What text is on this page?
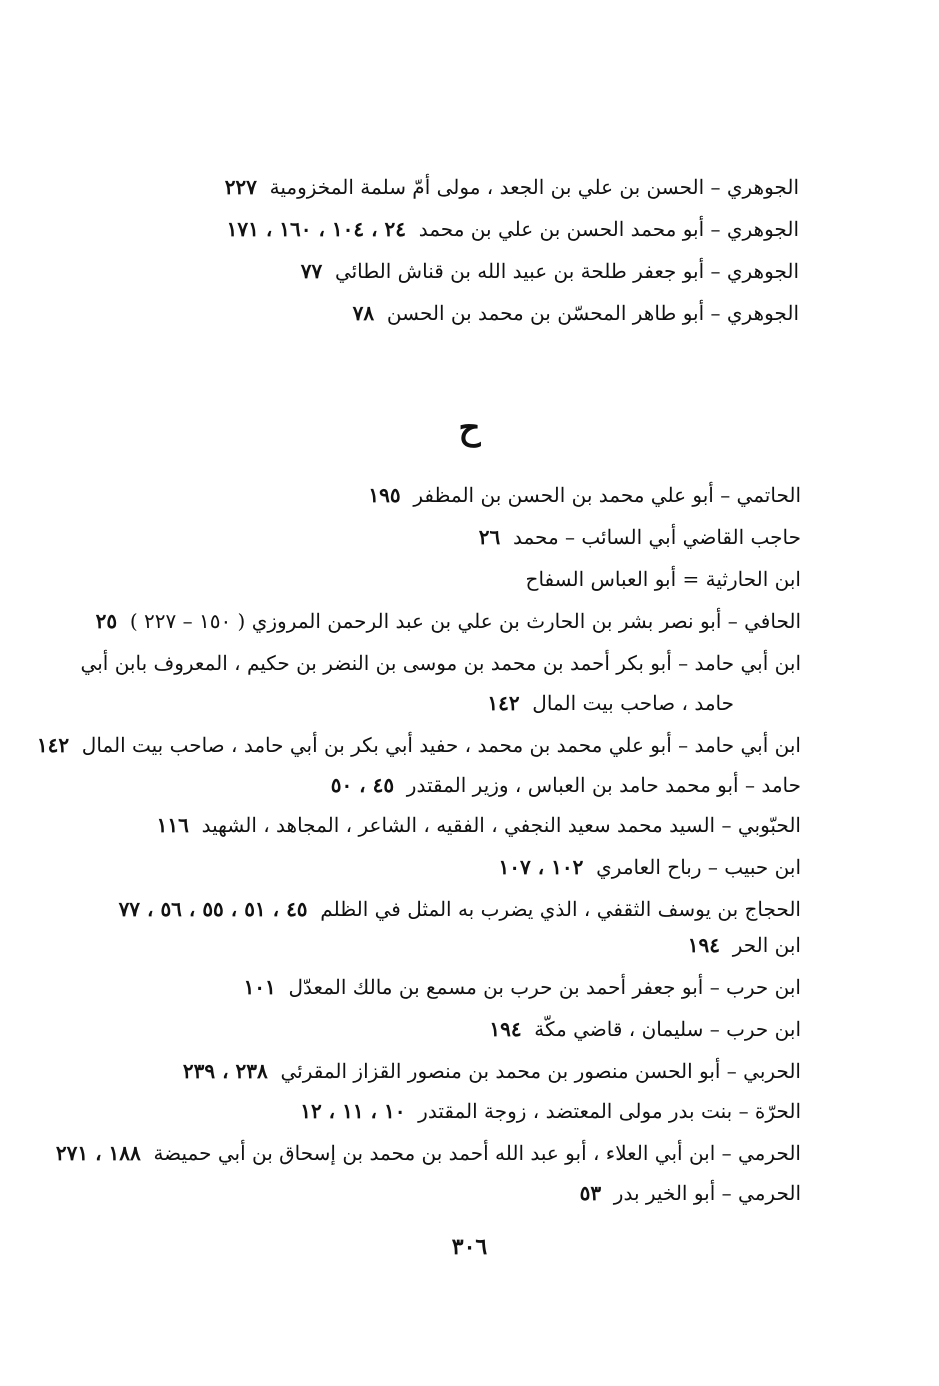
الجوهري – الحسن بن علي بن الجعد ، مولى أمّ سلمة المخزومية  ٢٢٧
الجوهري – أبو محمد الحسن بن علي بن محمد  ٢٤ ، ١٠٤ ، ١٦٠ ، ١٧١
الجوهري – أبو جعفر طلحة بن عبيد الله بن قناش الطائي  ٧٧
الجوهري – أبو طاهر المحسّن بن محمد بن الحسن  ٧٨
ح
الحاتمي – أبو علي محمد بن الحسن بن المظفر  ١٩٥
حاجب القاضي أبي السائب – محمد  ٢٦
ابن الحارثية = أبو العباس السفاح
الحافي – أبو نصر بشر بن الحارث بن علي بن عبد الرحمن المروزي ( ١٥٠ – ٢٢٧ )  ٢٥
ابن أبي حامد – أبو بكر أحمد بن محمد بن موسى بن النضر بن حكيم ، المعروف بابن أبي
حامد ، صاحب بيت المال  ١٤٢
ابن أبي حامد – أبو علي محمد بن محمد ، حفيد أبي بكر بن أبي حامد ، صاحب بيت المال  ١٤٢
حامد – أبو محمد حامد بن العباس ، وزير المقتدر  ٤٥ ، ٥٠
الحبّوبي – السيد محمد سعيد النجفي ، الفقيه ، الشاعر ، المجاهد ، الشهيد  ١١٦
ابن حبيب – رباح العامري  ١٠٢ ، ١٠٧
الحجاج بن يوسف الثقفي ، الذي يضرب به المثل في الظلم  ٤٥ ، ٥١ ، ٥٥ ، ٥٦ ، ٧٧
ابن الحر  ١٩٤
ابن حرب – أبو جعفر أحمد بن حرب بن مسمع بن مالك المعدّل  ١٠١
ابن حرب – سليمان ، قاضي مكّة  ١٩٤
الحربي – أبو الحسن منصور بن محمد بن منصور القزاز المقرئي  ٢٣٨ ، ٢٣٩
الحرّة – بنت بدر مولى المعتضد ، زوجة المقتدر  ١٠ ، ١١ ، ١٢
الحرمي – ابن أبي العلاء ، أبو عبد الله أحمد بن محمد بن إسحاق بن أبي حميضة  ١٨٨ ، ٢٧١
الحرمي – أبو الخير بدر  ٥٣
٣٠٦
